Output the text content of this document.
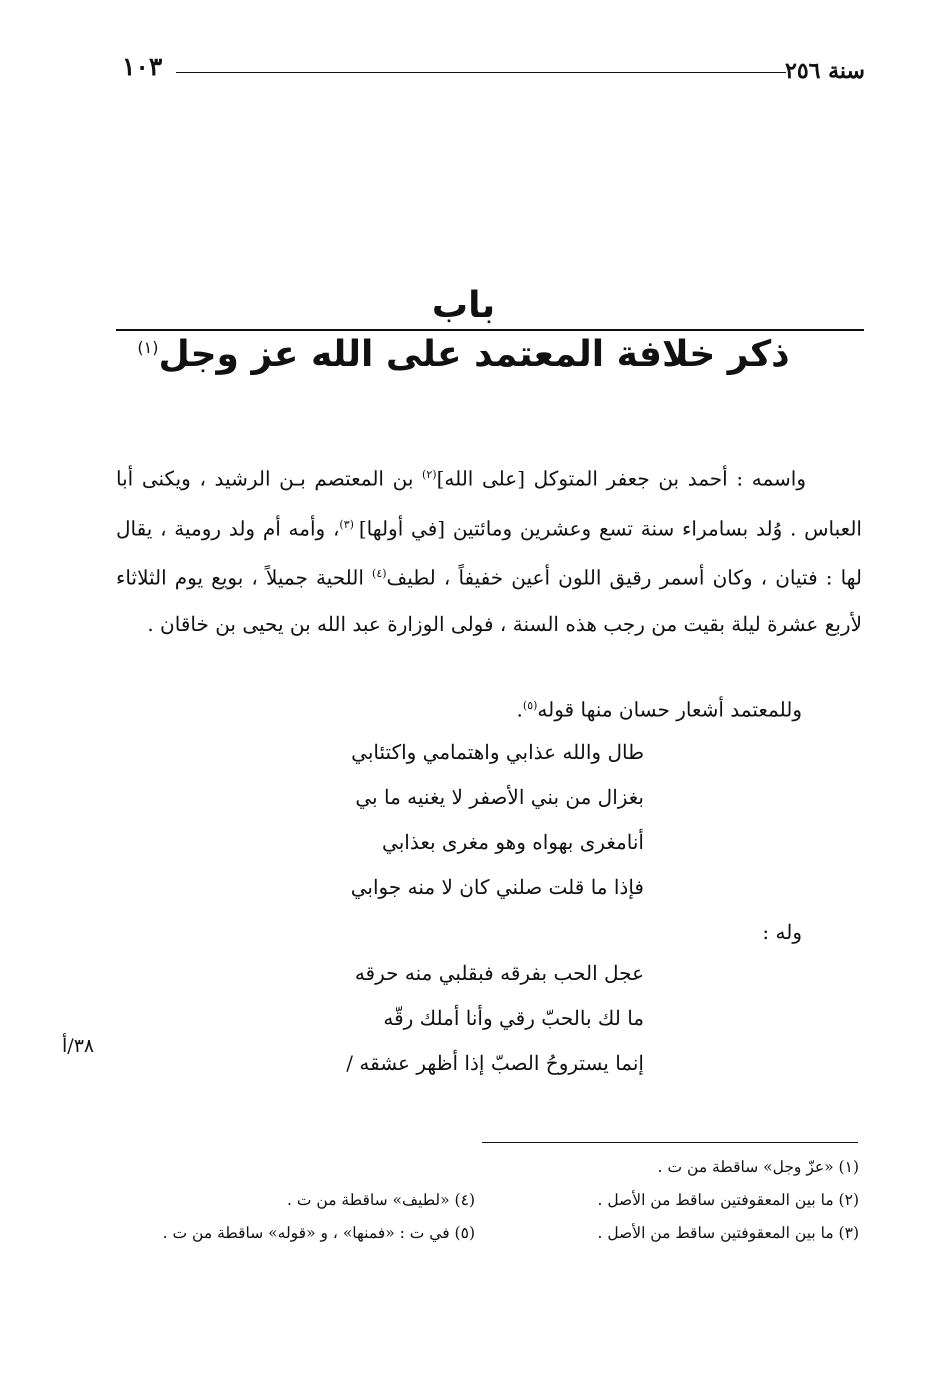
١٠٣	سنة ٢٥٦
باب
ذكر خلافة المعتمد على الله عز وجل$^{(١)}$
واسمه : أحمد بن جعفر المتوكل [على الله]$^{(٢)}$ بن المعتصم بـن الرشيد ، ويكنى أبا العباس . وُلد بسامراء سنة تسع وعشرين ومائتين [في أولها] $^{(٣)}$، وأمه أم ولد رومية ، يقال لها : فتيان ، وكان أسمر رقيق اللون أعين خفيفاً ، لطيف$^{(٤)}$ اللحية جميلاً ، بويع يوم الثلاثاء لأربع عشرة ليلة بقيت من رجب هذه السنة ، فولى الوزارة عبد الله بن يحيى بن خاقان .
وللمعتمد أشعار حسان منها قوله$^{(٥)}$.
طال والله عذابي واهتمامي واكتئابي
بغزال من بني الأصفر لا يغنيه ما بي
أنامغرى بهواه وهو مغرى بعذابي
فإذا ما قلت صلني كان لا منه جوابي
وله :
عجل الحب بفرقه فبقلبي منه حرقه
ما لك بالحبّ رقي وأنا أملك رقّه
إنما يستروحُ الصبّ إذا أظهر عشقه /
٣٨/أ
(١) «عزّ وجل» ساقطة من ت .
(٢) ما بين المعقوفتين ساقط من الأصل .
(٣) ما بين المعقوفتين ساقط من الأصل .
(٤) «لطيف» ساقطة من ت .
(٥) في ت : «فمنها» ، و «قوله» ساقطة من ت .
